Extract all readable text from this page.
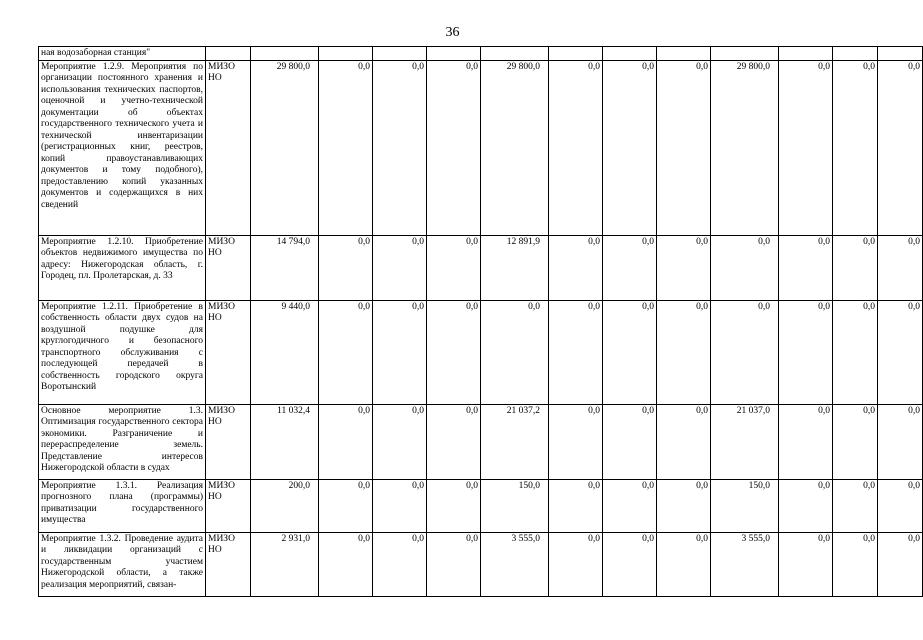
36
ная водозаборная станция"													
Мероприятие 1.2.9. Мероприятия по организации постоянного хранения и использования технических паспортов, оценочной и учетно-технической документации об объектах государственного технического учета и технической инвентаризации (регистрационных книг, реестров, копий правоустанавливающих документов и тому подобного), предоставлению копий указанных документов и содержащихся в них сведений	МИЗО НО	29 800,0	0,0	0,0	0,0	29 800,0	0,0	0,0	0,0	29 800,0	0,0	0,0	0,0
Мероприятие 1.2.10. Приобретение объектов недвижимого имущества по адресу: Нижегородская область, г. Городец, пл. Пролетарская, д. 33	МИЗО НО	14 794,0	0,0	0,0	0,0	12 891,9	0,0	0,0	0,0	0,0	0,0	0,0	0,0
Мероприятие 1.2.11. Приобретение в собственность области двух судов на воздушной подушке для круглогодичного и безопасного транспортного обслуживания с последующей передачей в собственность городского округа Воротынский	МИЗО НО	9 440,0	0,0	0,0	0,0	0,0	0,0	0,0	0,0	0,0	0,0	0,0	0,0
Основное мероприятие 1.3. Оптимизация государственного сектора экономики. Разграничение и перераспределение земель. Представление интересов Нижегородской области в судах	МИЗО НО	11 032,4	0,0	0,0	0,0	21 037,2	0,0	0,0	0,0	21 037,0	0,0	0,0	0,0
Мероприятие 1.3.1. Реализация прогнозного плана (программы) приватизации государственного имущества	МИЗО НО	200,0	0,0	0,0	0,0	150,0	0,0	0,0	0,0	150,0	0,0	0,0	0,0
Мероприятие 1.3.2. Проведение аудита и ликвидации организаций с государственным участием Нижегородской области, а также реализация мероприятий, связан-	МИЗО НО	2 931,0	0,0	0,0	0,0	3 555,0	0,0	0,0	0,0	3 555,0	0,0	0,0	0,0
